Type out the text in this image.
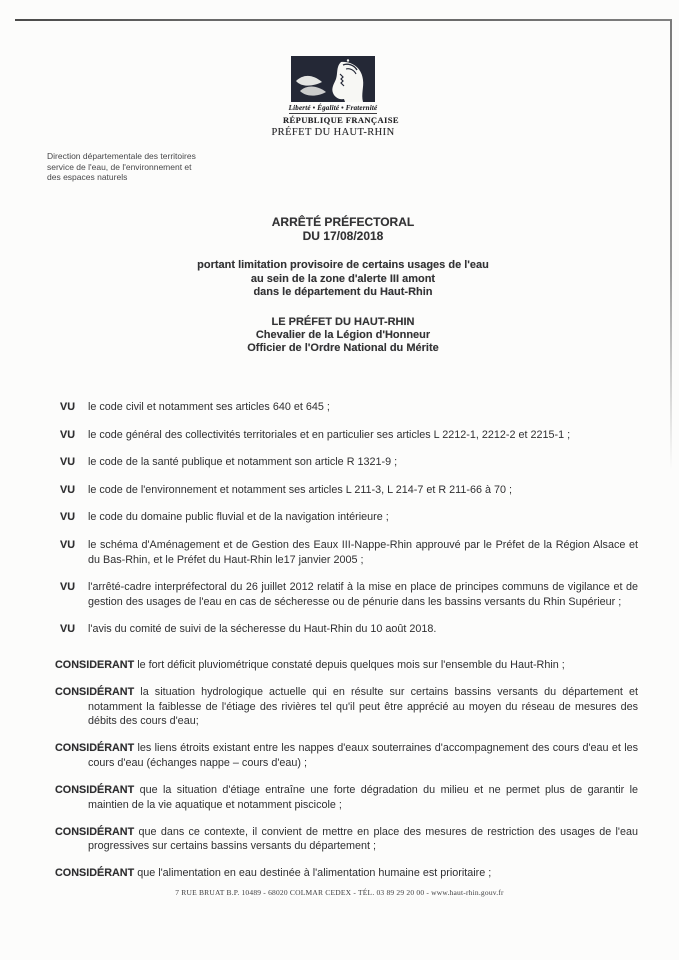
Liberté • Égalité • Fraternité
RÉPUBLIQUE FRANÇAISE
PRÉFET DU HAUT-RHIN
Direction départementale des territoires
service de l'eau, de l'environnement et
des espaces naturels
ARRÊTÉ PRÉFECTORAL
DU 17/08/2018
portant limitation provisoire de certains usages de l'eau
au sein de la zone d'alerte III amont
dans le département du Haut-Rhin
LE PRÉFET DU HAUT-RHIN
Chevalier de la Légion d'Honneur
Officier de l'Ordre National du Mérite
VU	le code civil et notamment ses articles 640 et 645 ;
VU	le code général des collectivités territoriales et en particulier ses articles L 2212-1, 2212-2 et 2215-1 ;
VU	le code de la santé publique et notamment son article R 1321-9 ;
VU	le code de l'environnement et notamment ses articles L 211-3, L 214-7 et R 211-66 à 70 ;
VU	le code du domaine public fluvial et de la navigation intérieure ;
VU	le schéma d'Aménagement et de Gestion des Eaux III-Nappe-Rhin approuvé par le Préfet de la Région Alsace et du Bas-Rhin, et le Préfet du Haut-Rhin le17 janvier 2005 ;
VU	l'arrêté-cadre interpréfectoral du 26 juillet 2012 relatif à la mise en place de principes communs de vigilance et de gestion des usages de l'eau en cas de sécheresse ou de pénurie dans les bassins versants du Rhin Supérieur ;
VU	l'avis du comité de suivi de la sécheresse du Haut-Rhin du 10 août 2018.

CONSIDERANT le fort déficit pluviométrique constaté depuis quelques mois sur l'ensemble du Haut-Rhin ;

CONSIDÉRANT la situation hydrologique actuelle qui en résulte sur certains bassins versants du département et notamment la faiblesse de l'étiage des rivières tel qu'il peut être apprécié au moyen du réseau de mesures des débits des cours d'eau;

CONSIDÉRANT les liens étroits existant entre les nappes d'eaux souterraines d'accompagnement des cours d'eau et les cours d'eau (échanges nappe – cours d'eau) ;

CONSIDÉRANT que la situation d'étiage entraîne une forte dégradation du milieu et ne permet plus de garantir le maintien de la vie aquatique et notamment piscicole ;

CONSIDÉRANT que dans ce contexte, il convient de mettre en place des mesures de restriction des usages de l'eau progressives sur certains bassins versants du département ;

CONSIDÉRANT que l'alimentation en eau destinée à l'alimentation humaine est prioritaire ;

7 RUE BRUAT B.P. 10489 - 68020 COLMAR CEDEX - TÉL. 03 89 29 20 00 - www.haut-rhin.gouv.fr
